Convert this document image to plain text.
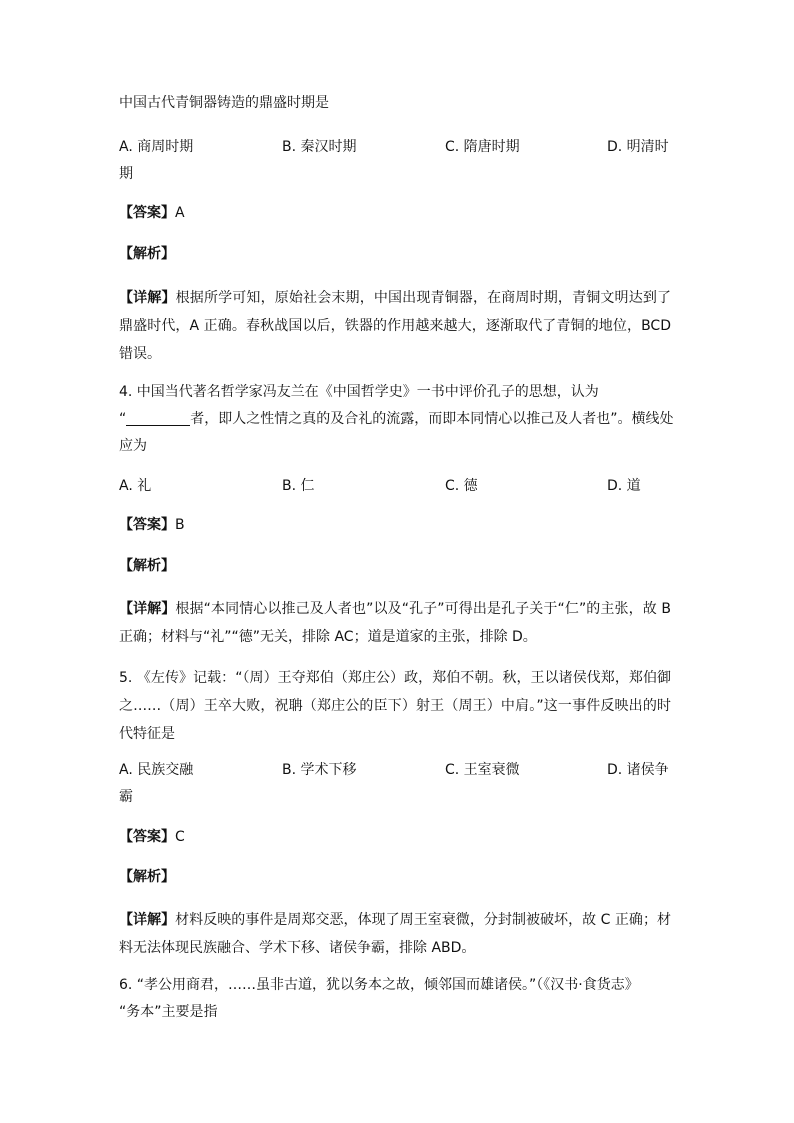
中国古代青铜器铸造的鼎盛时期是
A. 商周时期	B. 秦汉时期	C. 隋唐时期	D. 明清时
期
【答案】A
【解析】
【详解】根据所学可知，原始社会末期，中国出现青铜器，在商周时期，青铜文明达到了鼎盛时代，A 正确。春秋战国以后，铁器的作用越来越大，逐渐取代了青铜的地位，BCD 错误。
4. 中国当代著名哲学家冯友兰在《中国哲学史》一书中评价孔子的思想，认为
“	者，即人之性情之真的及合礼的流露，而即本同情心以推己及人者也”。横线处
应为
A. 礼	B. 仁	C. 德	D. 道
【答案】B
【解析】
【详解】根据“本同情心以推己及人者也”以及“孔子”可得出是孔子关于“仁”的主张，故 B 正确；材料与“礼”“德”无关，排除 AC；道是道家的主张，排除 D。
5. 《左传》记载：“（周）王夺郑伯（郑庄公）政，郑伯不朝。秋，王以诸侯伐郑，郑伯御之……（周）王卒大败，祝聃（郑庄公的臣下）射王（周王）中肩。”这一事件反映出的时代特征是
A. 民族交融	B. 学术下移	C. 王室衰微	D. 诸侯争
霸
【答案】C
【解析】
【详解】材料反映的事件是周郑交恶，体现了周王室衰微，分封制被破坏，故 C 正确；材料无法体现民族融合、学术下移、诸侯争霸，排除 ABD。
6. “孝公用商君，……虽非古道，犹以务本之故，倾邻国而雄诸侯。”（《汉书·食货志》
“务本”主要是指
